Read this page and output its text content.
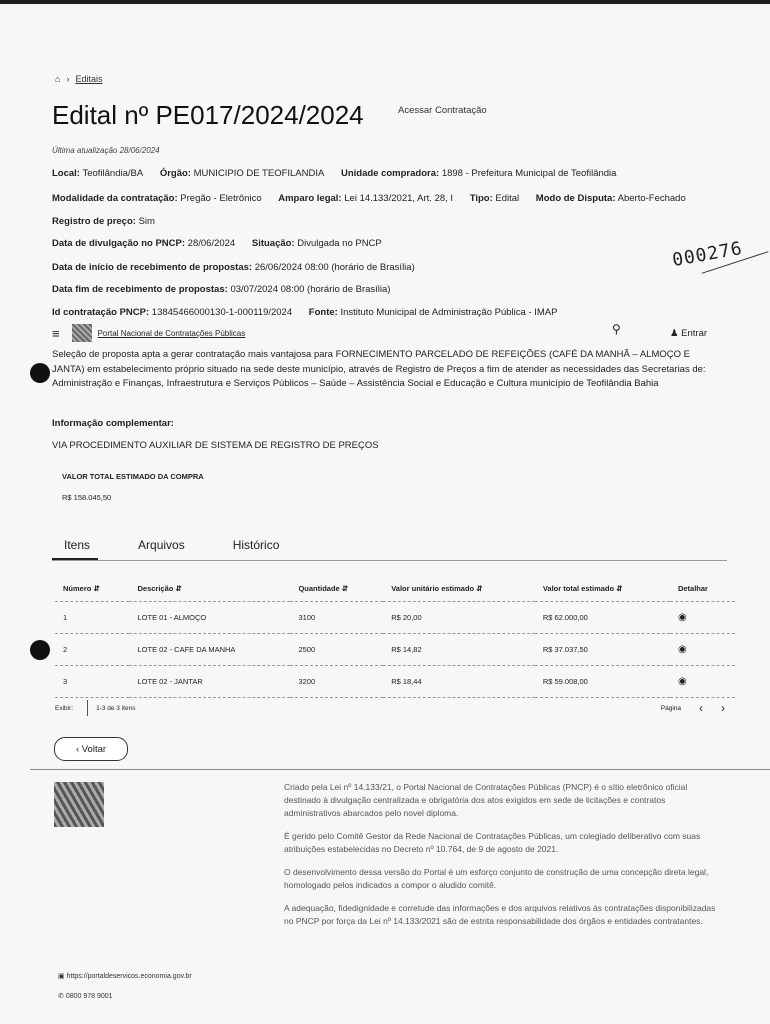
⌂ › Editais
Edital nº PE017/2024/2024	Acessar Contratação
Última atualização 28/06/2024
Local: Teofilândia/BA Órgão: MUNICIPIO DE TEOFILANDIA Unidade compradora: 1898 - Prefeitura Municipal de Teofilândia
Modalidade da contratação: Pregão - Eletrônico Amparo legal: Lei 14.133/2021, Art. 28, I Tipo: Edital Modo de Disputa: Aberto-Fechado
Registro de preço: Sim
Data de divulgação no PNCP: 28/06/2024 Situação: Divulgada no PNCP
Data de início de recebimento de propostas: 26/06/2024 08:00 (horário de Brasília)
Data fim de recebimento de propostas: 03/07/2024 08:00 (horário de Brasília)
Id contratação PNCP: 13845466000130-1-000119/2024 Fonte: Instituto Municipal de Administração Pública - IMAP
000276
≡	Portal Nacional de Contratações Públicas	⚲	♟ Entrar
Seleção de proposta apta a gerar contratação mais vantajosa para FORNECIMENTO PARCELADO DE REFEIÇÕES (CAFÉ DA MANHÃ – ALMOÇO E JANTA) em estabelecimento próprio situado na sede deste município, através de Registro de Preços a fim de atender as necessidades das Secretarias de: Administração e Finanças, Infraestrutura e Serviços Públicos – Saúde – Assistência Social e Educação e Cultura município de Teofilândia Bahia
Informação complementar:
VIA PROCEDIMENTO AUXILIAR DE SISTEMA DE REGISTRO DE PREÇOS
VALOR TOTAL ESTIMADO DA COMPRA
R$ 158.045,50
Itens	Arquivos	Histórico
Número ⇵	Descrição ⇵	Quantidade ⇵	Valor unitário estimado ⇵	Valor total estimado ⇵	Detalhar
1	LOTE 01 - ALMOÇO	3100	R$ 20,00	R$ 62.000,00	◉
2	LOTE 02 - CAFE DA MANHA	2500	R$ 14,82	R$ 37.037,50	◉
3	LOTE 02 - JANTAR	3200	R$ 18,44	R$ 59.008,00	◉
Exibir:	1-3 de 3 itens	Página ‹ ›
‹
Voltar

Criado pela Lei nº 14.133/21, o Portal Nacional de Contratações Públicas (PNCP) é o sítio eletrônico oficial destinado à divulgação centralizada e obrigatória dos atos exigidos em sede de licitações e contratos administrativos abarcados pelo novel diploma.

É gerido pelo Comitê Gestor da Rede Nacional de Contratações Públicas, um colegiado deliberativo com suas atribuições estabelecidas no Decreto nº 10.764, de 9 de agosto de 2021.

O desenvolvimento dessa versão do Portal é um esforço conjunto de construção de uma concepção direta legal, homologado pelos indicados a compor o aludido comitê.

A adequação, fidedignidade e corretude das informações e dos arquivos relativos às contratações disponibilizadas no PNCP por força da Lei nº 14.133/2021 são de estrita responsabilidade dos órgãos e entidades contratantes.

▣ https://portaldeservicos.economia.gov.br
✆ 0800 978 9001
